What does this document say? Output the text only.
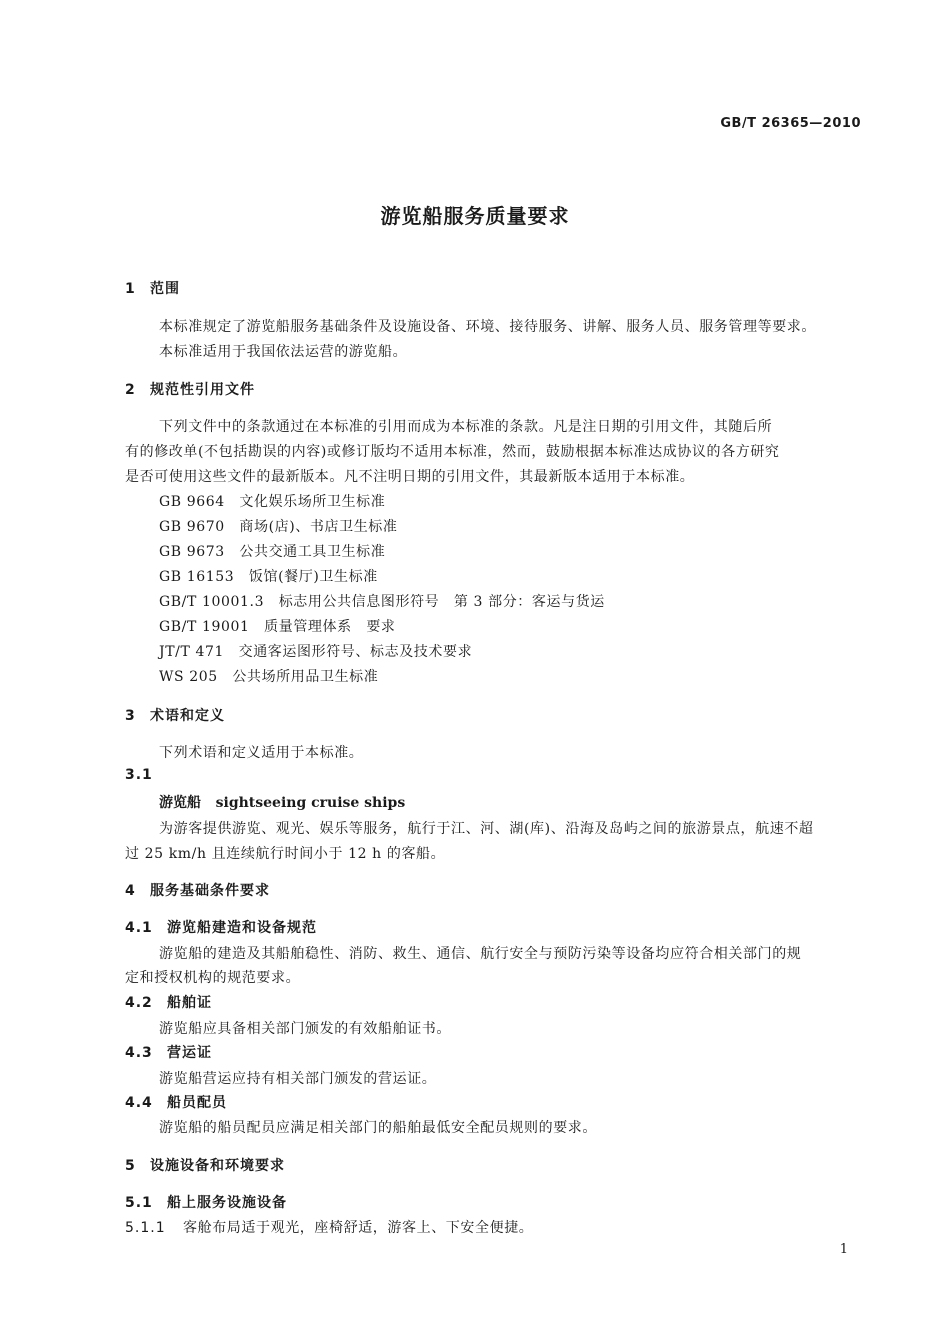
GB/T 26365—2010
游览船服务质量要求
1 范围
本标准规定了游览船服务基础条件及设施设备、环境、接待服务、讲解、服务人员、服务管理等要求。
本标准适用于我国依法运营的游览船。
2 规范性引用文件
下列文件中的条款通过在本标准的引用而成为本标准的条款。凡是注日期的引用文件，其随后所
有的修改单(不包括勘误的内容)或修订版均不适用本标准，然而，鼓励根据本标准达成协议的各方研究
是否可使用这些文件的最新版本。凡不注明日期的引用文件，其最新版本适用于本标准。
GB 9664　 文化娱乐场所卫生标准
GB 9670　 商场(店)、书店卫生标准
GB 9673　 公共交通工具卫生标准
GB 16153　 饭馆(餐厅)卫生标准
GB/T 10001.3　 标志用公共信息图形符号　第 3 部分：客运与货运
GB/T 19001　 质量管理体系　要求
JT/T 471　 交通客运图形符号、标志及技术要求
WS 205　 公共场所用品卫生标准
3 术语和定义
下列术语和定义适用于本标准。
3.1
游览船 sightseeing cruise ships
为游客提供游览、观光、娱乐等服务，航行于江、河、湖(库)、沿海及岛屿之间的旅游景点，航速不超
过 25 km/h 且连续航行时间小于 12 h 的客船。
4 服务基础条件要求
4.1 游览船建造和设备规范
游览船的建造及其船舶稳性、消防、救生、通信、航行安全与预防污染等设备均应符合相关部门的规
定和授权机构的规范要求。
4.2 船舶证
游览船应具备相关部门颁发的有效船舶证书。
4.3 营运证
游览船营运应持有相关部门颁发的营运证。
4.4 船员配员
游览船的船员配员应满足相关部门的船舶最低安全配员规则的要求。
5 设施设备和环境要求
5.1 船上服务设施设备
5.1.1 客舱布局适于观光，座椅舒适，游客上、下安全便捷。
1
